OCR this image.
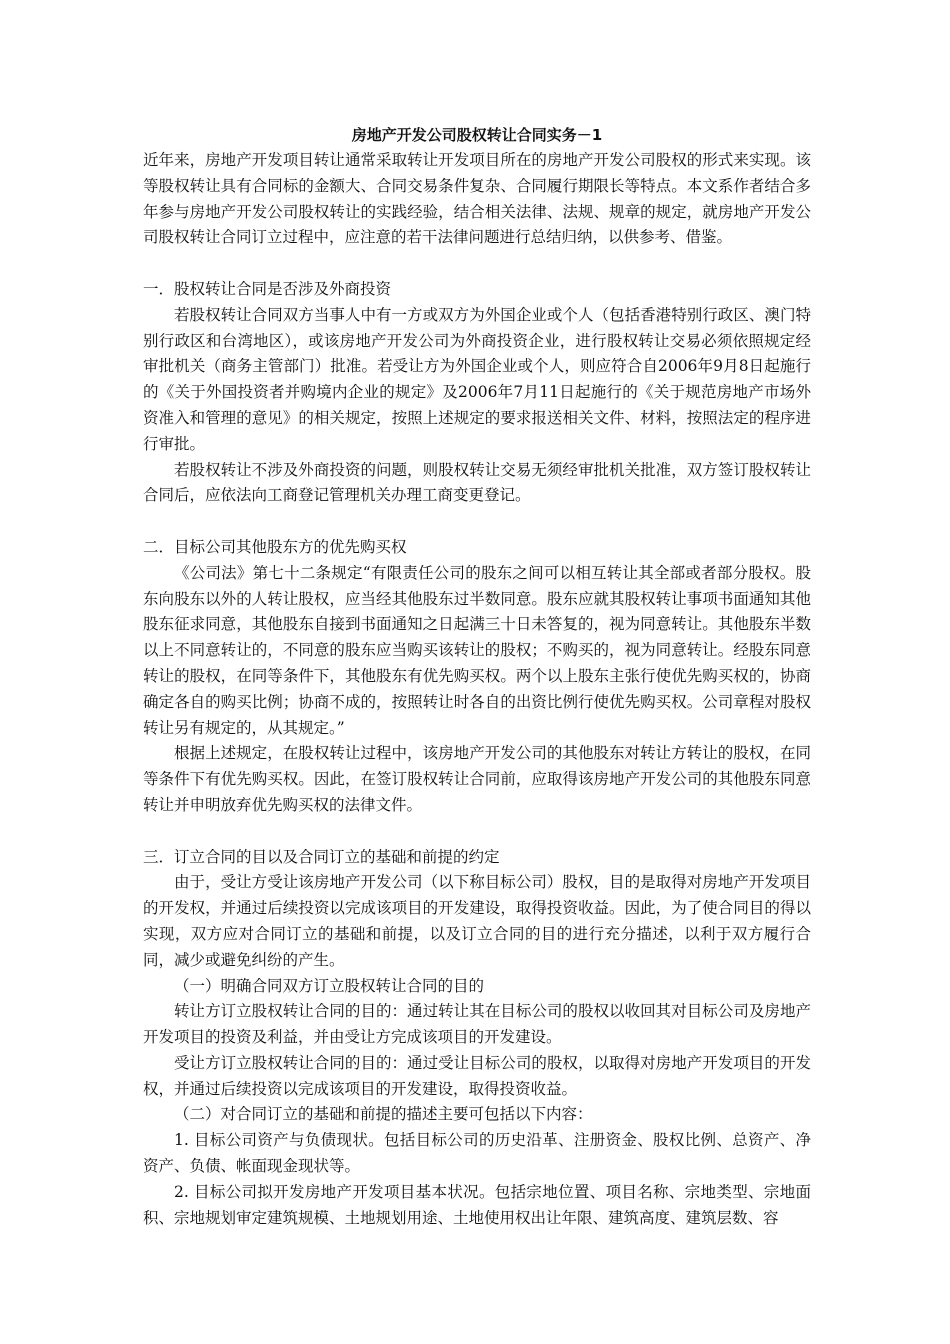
房地产开发公司股权转让合同实务－1

近年来，房地产开发项目转让通常采取转让开发项目所在的房地产开发公司股权的形式来实现。该等股权转让具有合同标的金额大、合同交易条件复杂、合同履行期限长等特点。本文系作者结合多年参与房地产开发公司股权转让的实践经验，结合相关法律、法规、规章的规定，就房地产开发公司股权转让合同订立过程中，应注意的若干法律问题进行总结归纳，以供参考、借鉴。

一．股权转让合同是否涉及外商投资

若股权转让合同双方当事人中有一方或双方为外国企业或个人（包括香港特别行政区、澳门特别行政区和台湾地区），或该房地产开发公司为外商投资企业，进行股权转让交易必须依照规定经审批机关（商务主管部门）批准。若受让方为外国企业或个人，则应符合自2006年9月8日起施行的《关于外国投资者并购境内企业的规定》及2006年7月11日起施行的《关于规范房地产市场外资准入和管理的意见》的相关规定，按照上述规定的要求报送相关文件、材料，按照法定的程序进行审批。

若股权转让不涉及外商投资的问题，则股权转让交易无须经审批机关批准，双方签订股权转让合同后，应依法向工商登记管理机关办理工商变更登记。

二．目标公司其他股东方的优先购买权

《公司法》第七十二条规定“有限责任公司的股东之间可以相互转让其全部或者部分股权。股东向股东以外的人转让股权，应当经其他股东过半数同意。股东应就其股权转让事项书面通知其他股东征求同意，其他股东自接到书面通知之日起满三十日未答复的，视为同意转让。其他股东半数以上不同意转让的，不同意的股东应当购买该转让的股权；不购买的，视为同意转让。经股东同意转让的股权，在同等条件下，其他股东有优先购买权。两个以上股东主张行使优先购买权的，协商确定各自的购买比例；协商不成的，按照转让时各自的出资比例行使优先购买权。公司章程对股权转让另有规定的，从其规定。”

根据上述规定，在股权转让过程中，该房地产开发公司的其他股东对转让方转让的股权，在同等条件下有优先购买权。因此，在签订股权转让合同前，应取得该房地产开发公司的其他股东同意转让并申明放弃优先购买权的法律文件。

三．订立合同的目以及合同订立的基础和前提的约定

由于，受让方受让该房地产开发公司（以下称目标公司）股权，目的是取得对房地产开发项目的开发权，并通过后续投资以完成该项目的开发建设，取得投资收益。因此，为了使合同目的得以实现，双方应对合同订立的基础和前提，以及订立合同的目的进行充分描述，以利于双方履行合同，减少或避免纠纷的产生。

（一）明确合同双方订立股权转让合同的目的

转让方订立股权转让合同的目的：通过转让其在目标公司的股权以收回其对目标公司及房地产开发项目的投资及利益，并由受让方完成该项目的开发建设。

受让方订立股权转让合同的目的：通过受让目标公司的股权，以取得对房地产开发项目的开发权，并通过后续投资以完成该项目的开发建设，取得投资收益。

（二）对合同订立的基础和前提的描述主要可包括以下内容：

1. 目标公司资产与负债现状。包括目标公司的历史沿革、注册资金、股权比例、总资产、净资产、负债、帐面现金现状等。

2. 目标公司拟开发房地产开发项目基本状况。包括宗地位置、项目名称、宗地类型、宗地面积、宗地规划审定建筑规模、土地规划用途、土地使用权出让年限、建筑高度、建筑层数、容
